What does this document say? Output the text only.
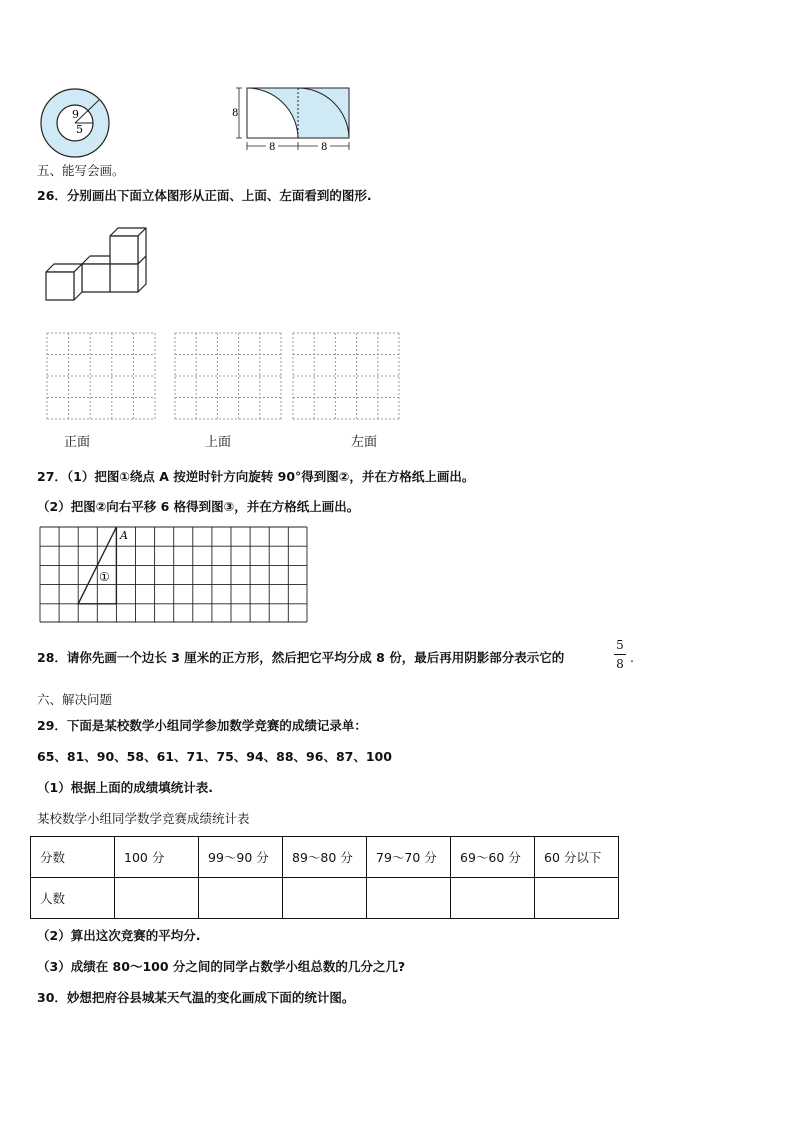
9
5
8
8	8
五、能写会画。
26．分别画出下面立体图形从正面、上面、左面看到的图形.
正面	上面	左面
27．（1）把图①绕点 A 按逆时针方向旋转 90°得到图②，并在方格纸上画出。
（2）把图②向右平移 6 格得到图③，并在方格纸上画出。
A
①
28．请你先画一个边长 3 厘米的正方形，然后把它平均分成 8 份，最后再用阴影部分表示它的
5
8 .
六、解决问题
29．下面是某校数学小组同学参加数学竞赛的成绩记录单：
65、81、90、58、61、71、75、94、88、96、87、100
（1）根据上面的成绩填统计表.
某校数学小组同学数学竞赛成绩统计表
分数	100 分	99～90 分	89～80 分	79～70 分	69～60 分	60 分以下
人数						
（2）算出这次竞赛的平均分.
（3）成绩在 80～100 分之间的同学占数学小组总数的几分之几?
30．妙想把府谷县城某天气温的变化画成下面的统计图。
